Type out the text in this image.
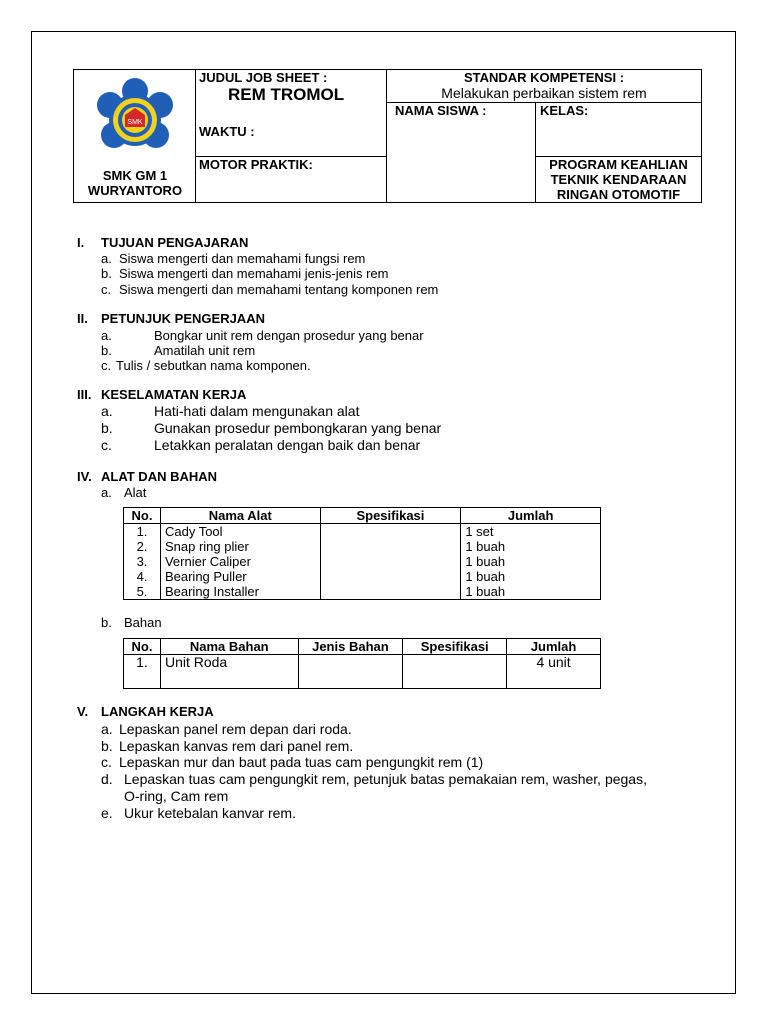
SMK
SMK GM 1
WURYANTORO
JUDUL JOB SHEET :
REM TROMOL
WAKTU :
MOTOR PRAKTIK:
STANDAR KOMPETENSI :
Melakukan perbaikan sistem rem
NAMA SISWA :	KELAS:
PROGRAM KEAHLIAN
TEKNIK KENDARAAN
RINGAN OTOMOTIF
I. TUJUAN PENGAJARAN
a. Siswa mengerti dan memahami fungsi rem
b. Siswa mengerti dan memahami jenis-jenis rem
c. Siswa mengerti dan memahami tentang komponen rem
II. PETUNJUK PENGERJAAN
a.	Bongkar unit rem dengan prosedur yang benar
b.	Amatilah unit rem
c. Tulis / sebutkan nama komponen.
III. KESELAMATAN KERJA
a.	Hati-hati dalam mengunakan alat
b.	Gunakan prosedur pembongkaran yang benar
c.	Letakkan peralatan dengan baik dan benar
IV. ALAT DAN BAHAN
a. Alat
No.	Nama Alat	Spesifikasi	Jumlah
1.	Cady Tool		1 set
2.	Snap ring plier		1 buah
3.	Vernier Caliper		1 buah
4.	Bearing Puller		1 buah
5.	Bearing Installer		1 buah
b. Bahan
No.	Nama Bahan	Jenis Bahan	Spesifikasi	Jumlah
1.	Unit Roda			4 unit
V. LANGKAH KERJA
a. Lepaskan panel rem depan dari roda.
b. Lepaskan kanvas rem dari panel rem.
c. Lepaskan mur dan baut pada tuas cam pengungkit rem (1)
d. Lepaskan tuas cam pengungkit rem, petunjuk batas pemakaian rem, washer, pegas,
O-ring, Cam rem
e. Ukur ketebalan kanvar rem.
